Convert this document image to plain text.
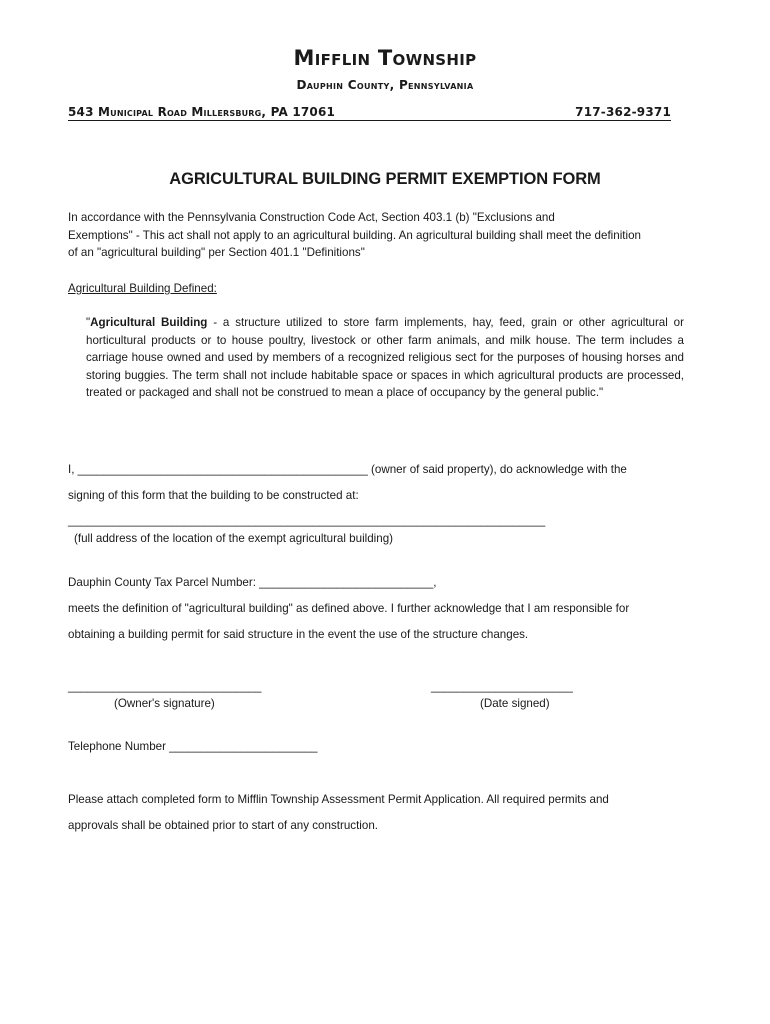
Mifflin Township
Dauphin County, Pennsylvania
543 Municipal Road Millersburg, PA 17061	717-362-9371
AGRICULTURAL BUILDING PERMIT EXEMPTION FORM
In accordance with the Pennsylvania Construction Code Act, Section 403.1 (b) "Exclusions and
Exemptions" - This act shall not apply to an agricultural building. An agricultural building shall meet the definition
of an "agricultural building" per Section 401.1 "Definitions"
Agricultural Building Defined:
"Agricultural Building - a structure utilized to store farm implements, hay, feed, grain or other agricultural or horticultural products or to house poultry, livestock or other farm animals, and milk house. The term includes a carriage house owned and used by members of a recognized religious sect for the purposes of housing horses and storing buggies. The term shall not include habitable space or spaces in which agricultural products are processed, treated or packaged and shall not be construed to mean a place of occupancy by the general public."
I, _____________________________________________ (owner of said property), do acknowledge with the
signing of this form that the building to be constructed at:
__________________________________________________________________________
(full address of the location of the exempt agricultural building)
Dauphin County Tax Parcel Number: ___________________________,
meets the definition of "agricultural building" as defined above. I further acknowledge that I am responsible for
obtaining a building permit for said structure in the event the use of the structure changes.
______________________________
(Owner's signature)
______________________
(Date signed)
Telephone Number _______________________
Please attach completed form to Mifflin Township Assessment Permit Application. All required permits and
approvals shall be obtained prior to start of any construction.
